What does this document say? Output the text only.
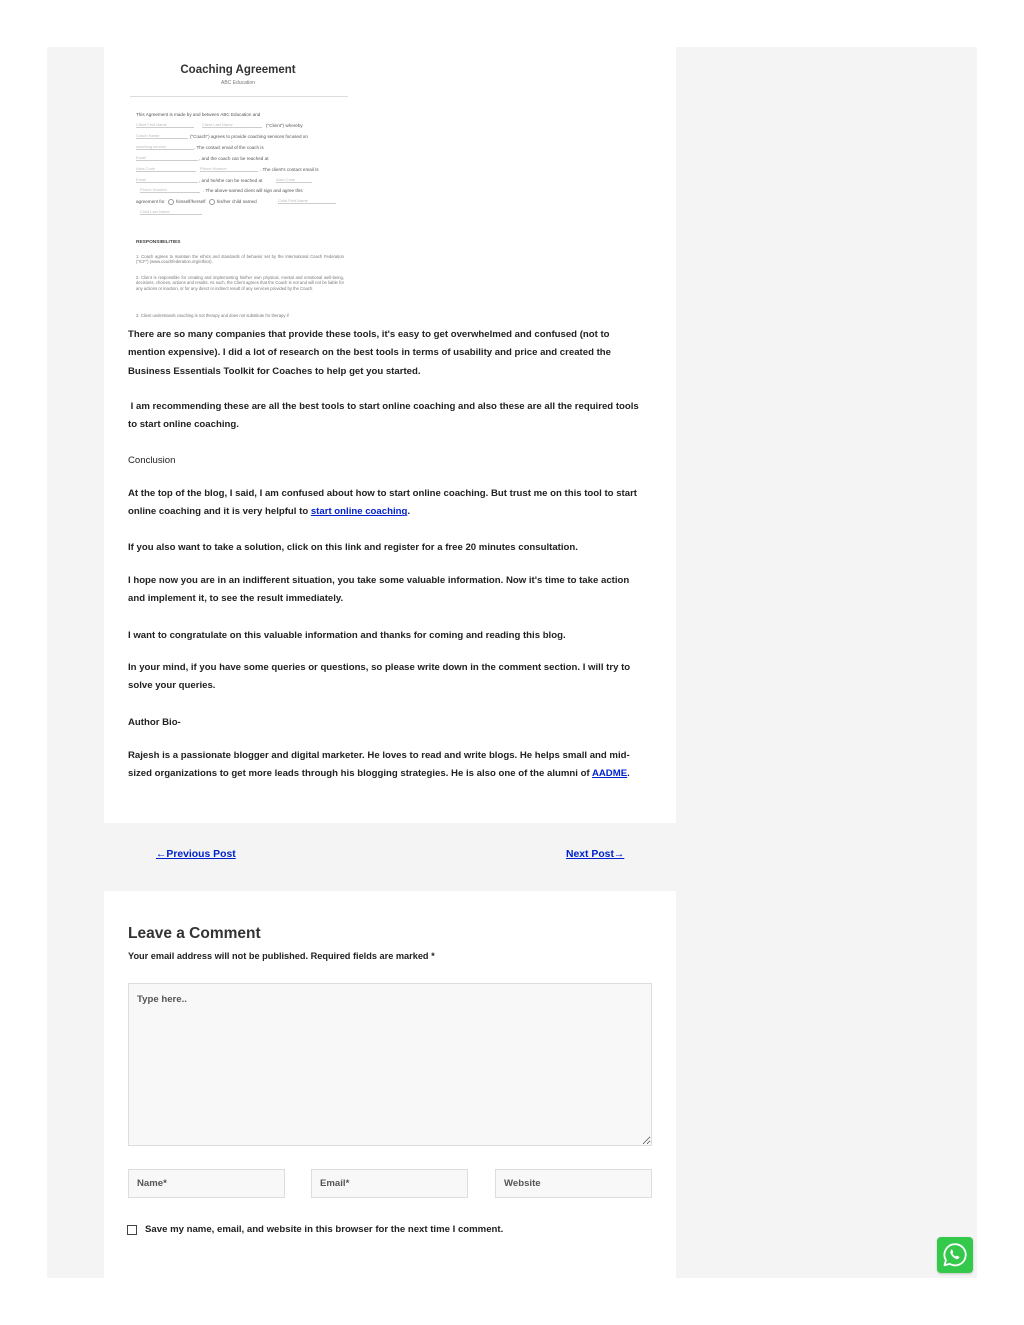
Coaching Agreement
ABC Education
This Agreement is made by and between ABC Education and
Client First Name	Client Last Name	("Client") whereby
Coach Name	("Coach") agrees to provide coaching services focused on
coaching service	. The contact email of the coach is
Email	, and the coach can be reached at
Area Code	Phone Number	. The client's contact email is
Email	, and he/she can be reached at	Area Code
Phone Number	. The above-named client will sign and agree this
agreement for himself/herself his/her child named	Child First Name
Child Last Name
RESPONSIBILITIES
1. Coach agrees to maintain the ethics and standards of behavior set by the International Coach Federation ("ICF") (www.coachfederation.org/ethics).
2. Client is responsible for creating and implementing his/her own physical, mental and emotional well-being, decisions, choices, actions and results. As such, the Client agrees that the Coach is not and will not be liable for any actions or inaction, or for any direct or indirect result of any services provided by the Coach.
3. Client understands coaching is not therapy and does not substitute for therapy if

There are so many companies that provide these tools, it's easy to get overwhelmed and confused (not to mention expensive). I did a lot of research on the best tools in terms of usability and price and created the Business Essentials Toolkit for Coaches to help get you started.

I am recommending these are all the best tools to start online coaching and also these are all the required tools to start online coaching.

Conclusion

At the top of the blog, I said, I am confused about how to start online coaching. But trust me on this tool to start online coaching and it is very helpful to start online coaching.

If you also want to take a solution, click on this link and register for a free 20 minutes consultation.

I hope now you are in an indifferent situation, you take some valuable information. Now it's time to take action and implement it, to see the result immediately.

I want to congratulate on this valuable information and thanks for coming and reading this blog.

In your mind, if you have some queries or questions, so please write down in the comment section. I will try to solve your queries.

Author Bio-

Rajesh is a passionate blogger and digital marketer. He loves to read and write blogs. He helps small and mid-sized organizations to get more leads through his blogging strategies. He is also one of the alumni of AADME.

←Previous Post	Next Post→
Leave a Comment
Your email address will not be published. Required fields are marked *
Type here..
Name*
Email*
Website
Save my name, email, and website in this browser for the next time I comment.
